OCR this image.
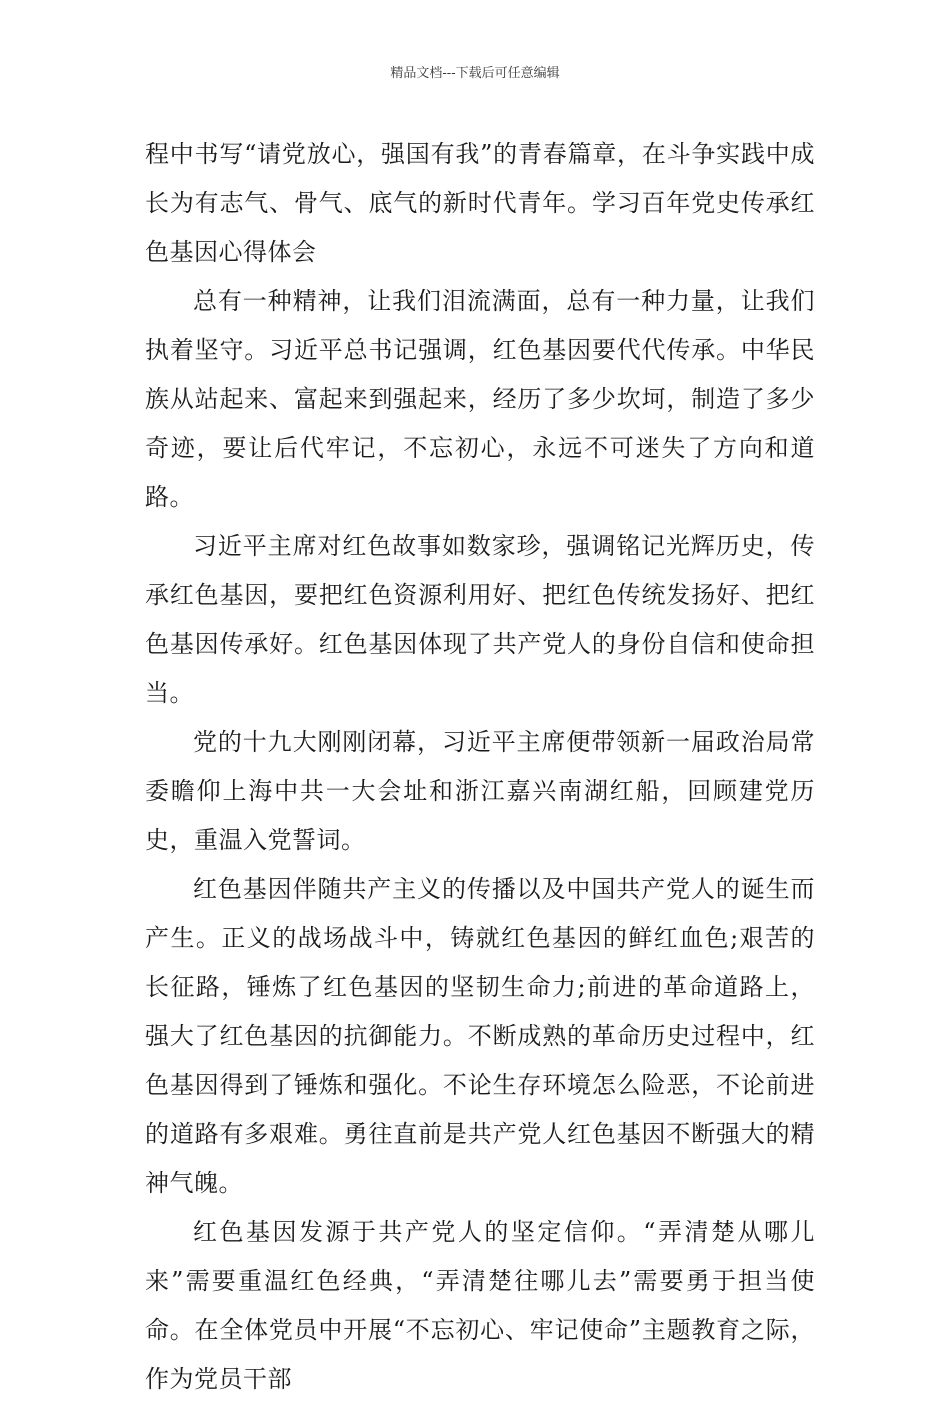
精品文档---下载后可任意编辑

程中书写“请党放心，强国有我”的青春篇章，在斗争实践中成长为有志气、骨气、底气的新时代青年。学习百年党史传承红色基因心得体会

总有一种精神，让我们泪流满面，总有一种力量，让我们执着坚守。习近平总书记强调，红色基因要代代传承。中华民族从站起来、富起来到强起来，经历了多少坎坷，制造了多少奇迹，要让后代牢记，不忘初心，永远不可迷失了方向和道路。

习近平主席对红色故事如数家珍，强调铭记光辉历史，传承红色基因，要把红色资源利用好、把红色传统发扬好、把红色基因传承好。红色基因体现了共产党人的身份自信和使命担当。

党的十九大刚刚闭幕，习近平主席便带领新一届政治局常委瞻仰上海中共一大会址和浙江嘉兴南湖红船，回顾建党历史，重温入党誓词。

红色基因伴随共产主义的传播以及中国共产党人的诞生而产生。正义的战场战斗中，铸就红色基因的鲜红血色;艰苦的长征路，锤炼了红色基因的坚韧生命力;前进的革命道路上，强大了红色基因的抗御能力。不断成熟的革命历史过程中，红色基因得到了锤炼和强化。不论生存环境怎么险恶，不论前进的道路有多艰难。勇往直前是共产党人红色基因不断强大的精神气魄。

红色基因发源于共产党人的坚定信仰。“弄清楚从哪儿来”需要重温红色经典，“弄清楚往哪儿去”需要勇于担当使命。在全体党员中开展“不忘初心、牢记使命”主题教育之际，作为党员干部
